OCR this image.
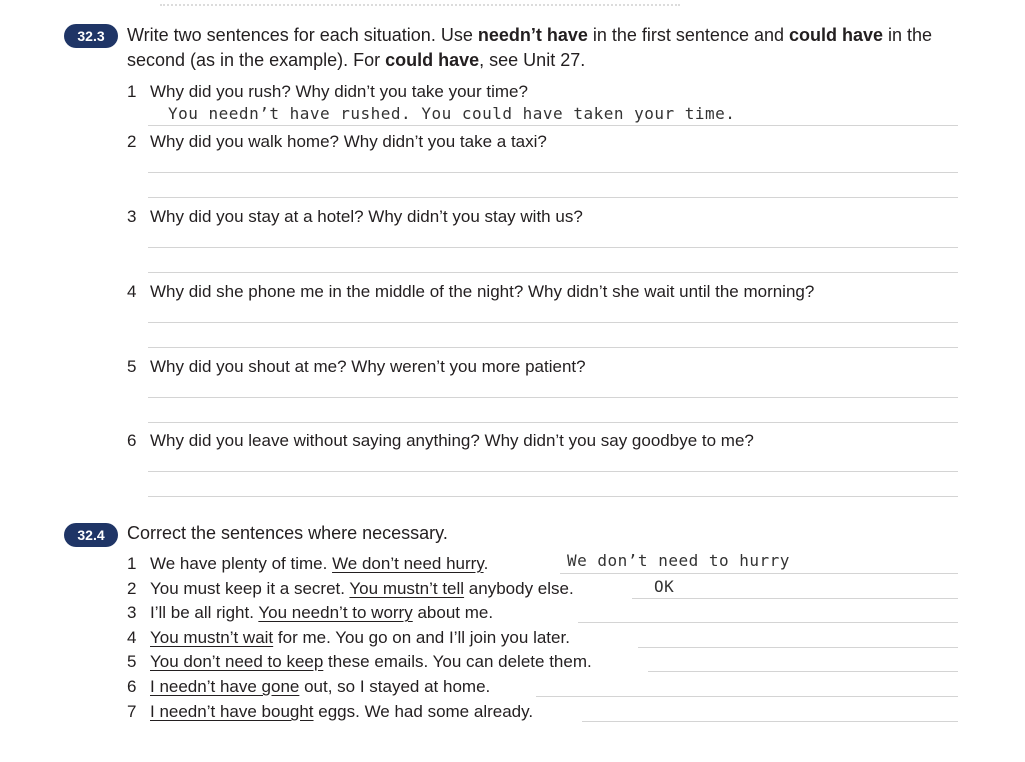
32.3	Write two sentences for each situation. Use needn’t have in the first sentence and could have in the second (as in the example). For could have, see Unit 27.
1 Why did you rush? Why didn’t you take your time?
You needn’t have rushed. You could have taken your time.
2 Why did you walk home? Why didn’t you take a taxi?
3 Why did you stay at a hotel? Why didn’t you stay with us?
4 Why did she phone me in the middle of the night? Why didn’t she wait until the morning?
5 Why did you shout at me? Why weren’t you more patient?
6 Why did you leave without saying anything? Why didn’t you say goodbye to me?
32.4	Correct the sentences where necessary.
1 We have plenty of time. We don’t need hurry.	We don’t need to hurry
2 You must keep it a secret. You mustn’t tell anybody else.	OK
3 I’ll be all right. You needn’t to worry about me.
4 You mustn’t wait for me. You go on and I’ll join you later.
5 You don’t need to keep these emails. You can delete them.
6 I needn’t have gone out, so I stayed at home.
7 I needn’t have bought eggs. We had some already.
